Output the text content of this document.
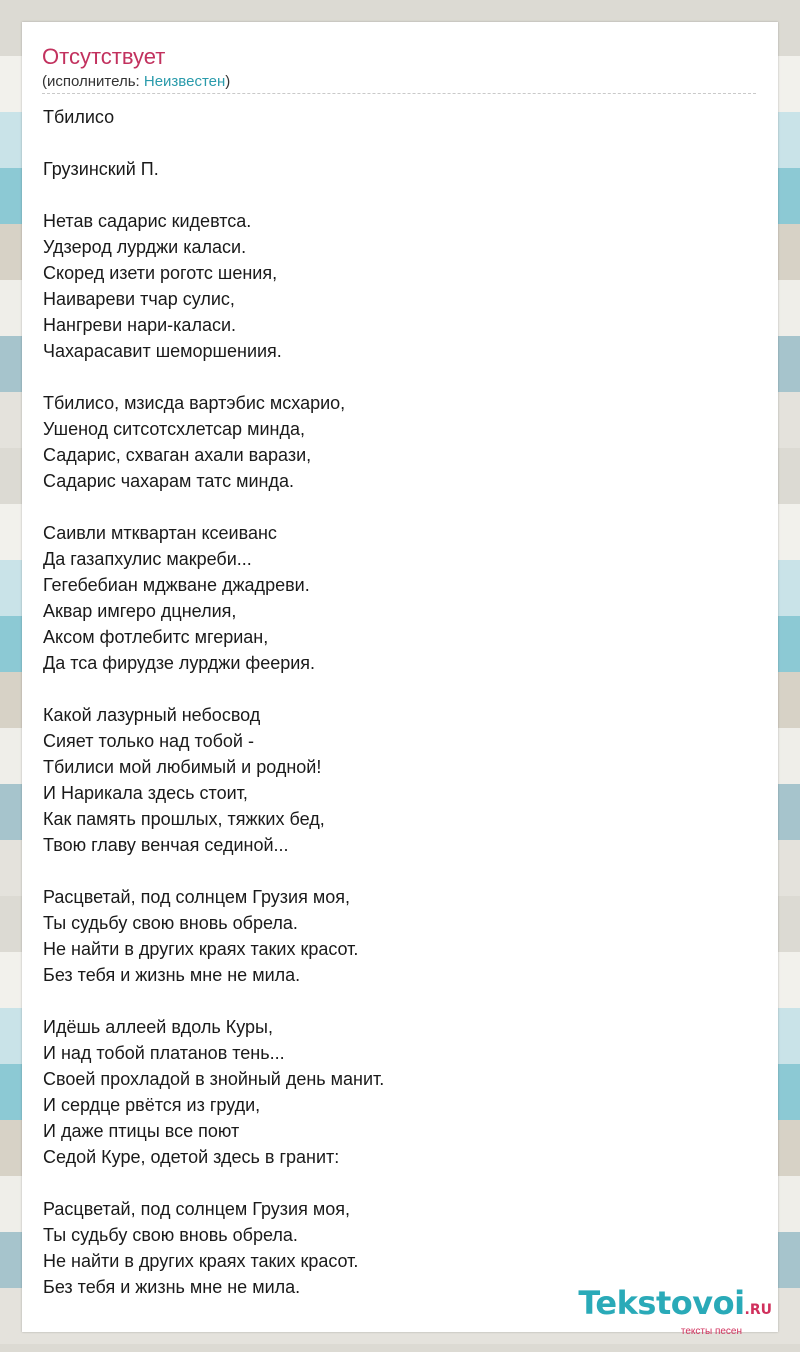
Отсутствует
(исполнитель: Неизвестен)
Тбилисо
Грузинский П.
Нетав садарис кидевтса.
Удзерод лурджи каласи.
Скоред изети роготс шения,
Наивареви тчар сулис,
Нангреви нари-каласи.
Чахарасавит шеморшениия.
Тбилисо, мзисда вартэбис мсхарио,
Ушенод ситсотсхлетсар минда,
Садарис, схваган ахали варази,
Садарис чахарам татс минда.
Саивли мтквартан ксеиванс
Да газапхулис макреби...
Гегебебиан мджване джадреви.
Аквар имгеро дцнелия,
Аксом фотлебитс мгериан,
Да тса фирудзе лурджи феерия.
Какой лазурный небосвод
Сияет только над тобой -
Тбилиси мой любимый и родной!
И Нарикала здесь стоит,
Как память прошлых, тяжких бед,
Твою главу венчая сединой...
Расцветай, под солнцем Грузия моя,
Ты судьбу свою вновь обрела.
Не найти в других краях таких красот.
Без тебя и жизнь мне не мила.
Идёшь аллеей вдоль Куры,
И над тобой платанов тень...
Своей прохладой в знойный день манит.
И сердце рвётся из груди,
И даже птицы все поют
Седой Куре, одетой здесь в гранит:
Расцветай, под солнцем Грузия моя,
Ты судьбу свою вновь обрела.
Не найти в других краях таких красот.
Без тебя и жизнь мне не мила.	Tekstovoi.RU
тексты песен
